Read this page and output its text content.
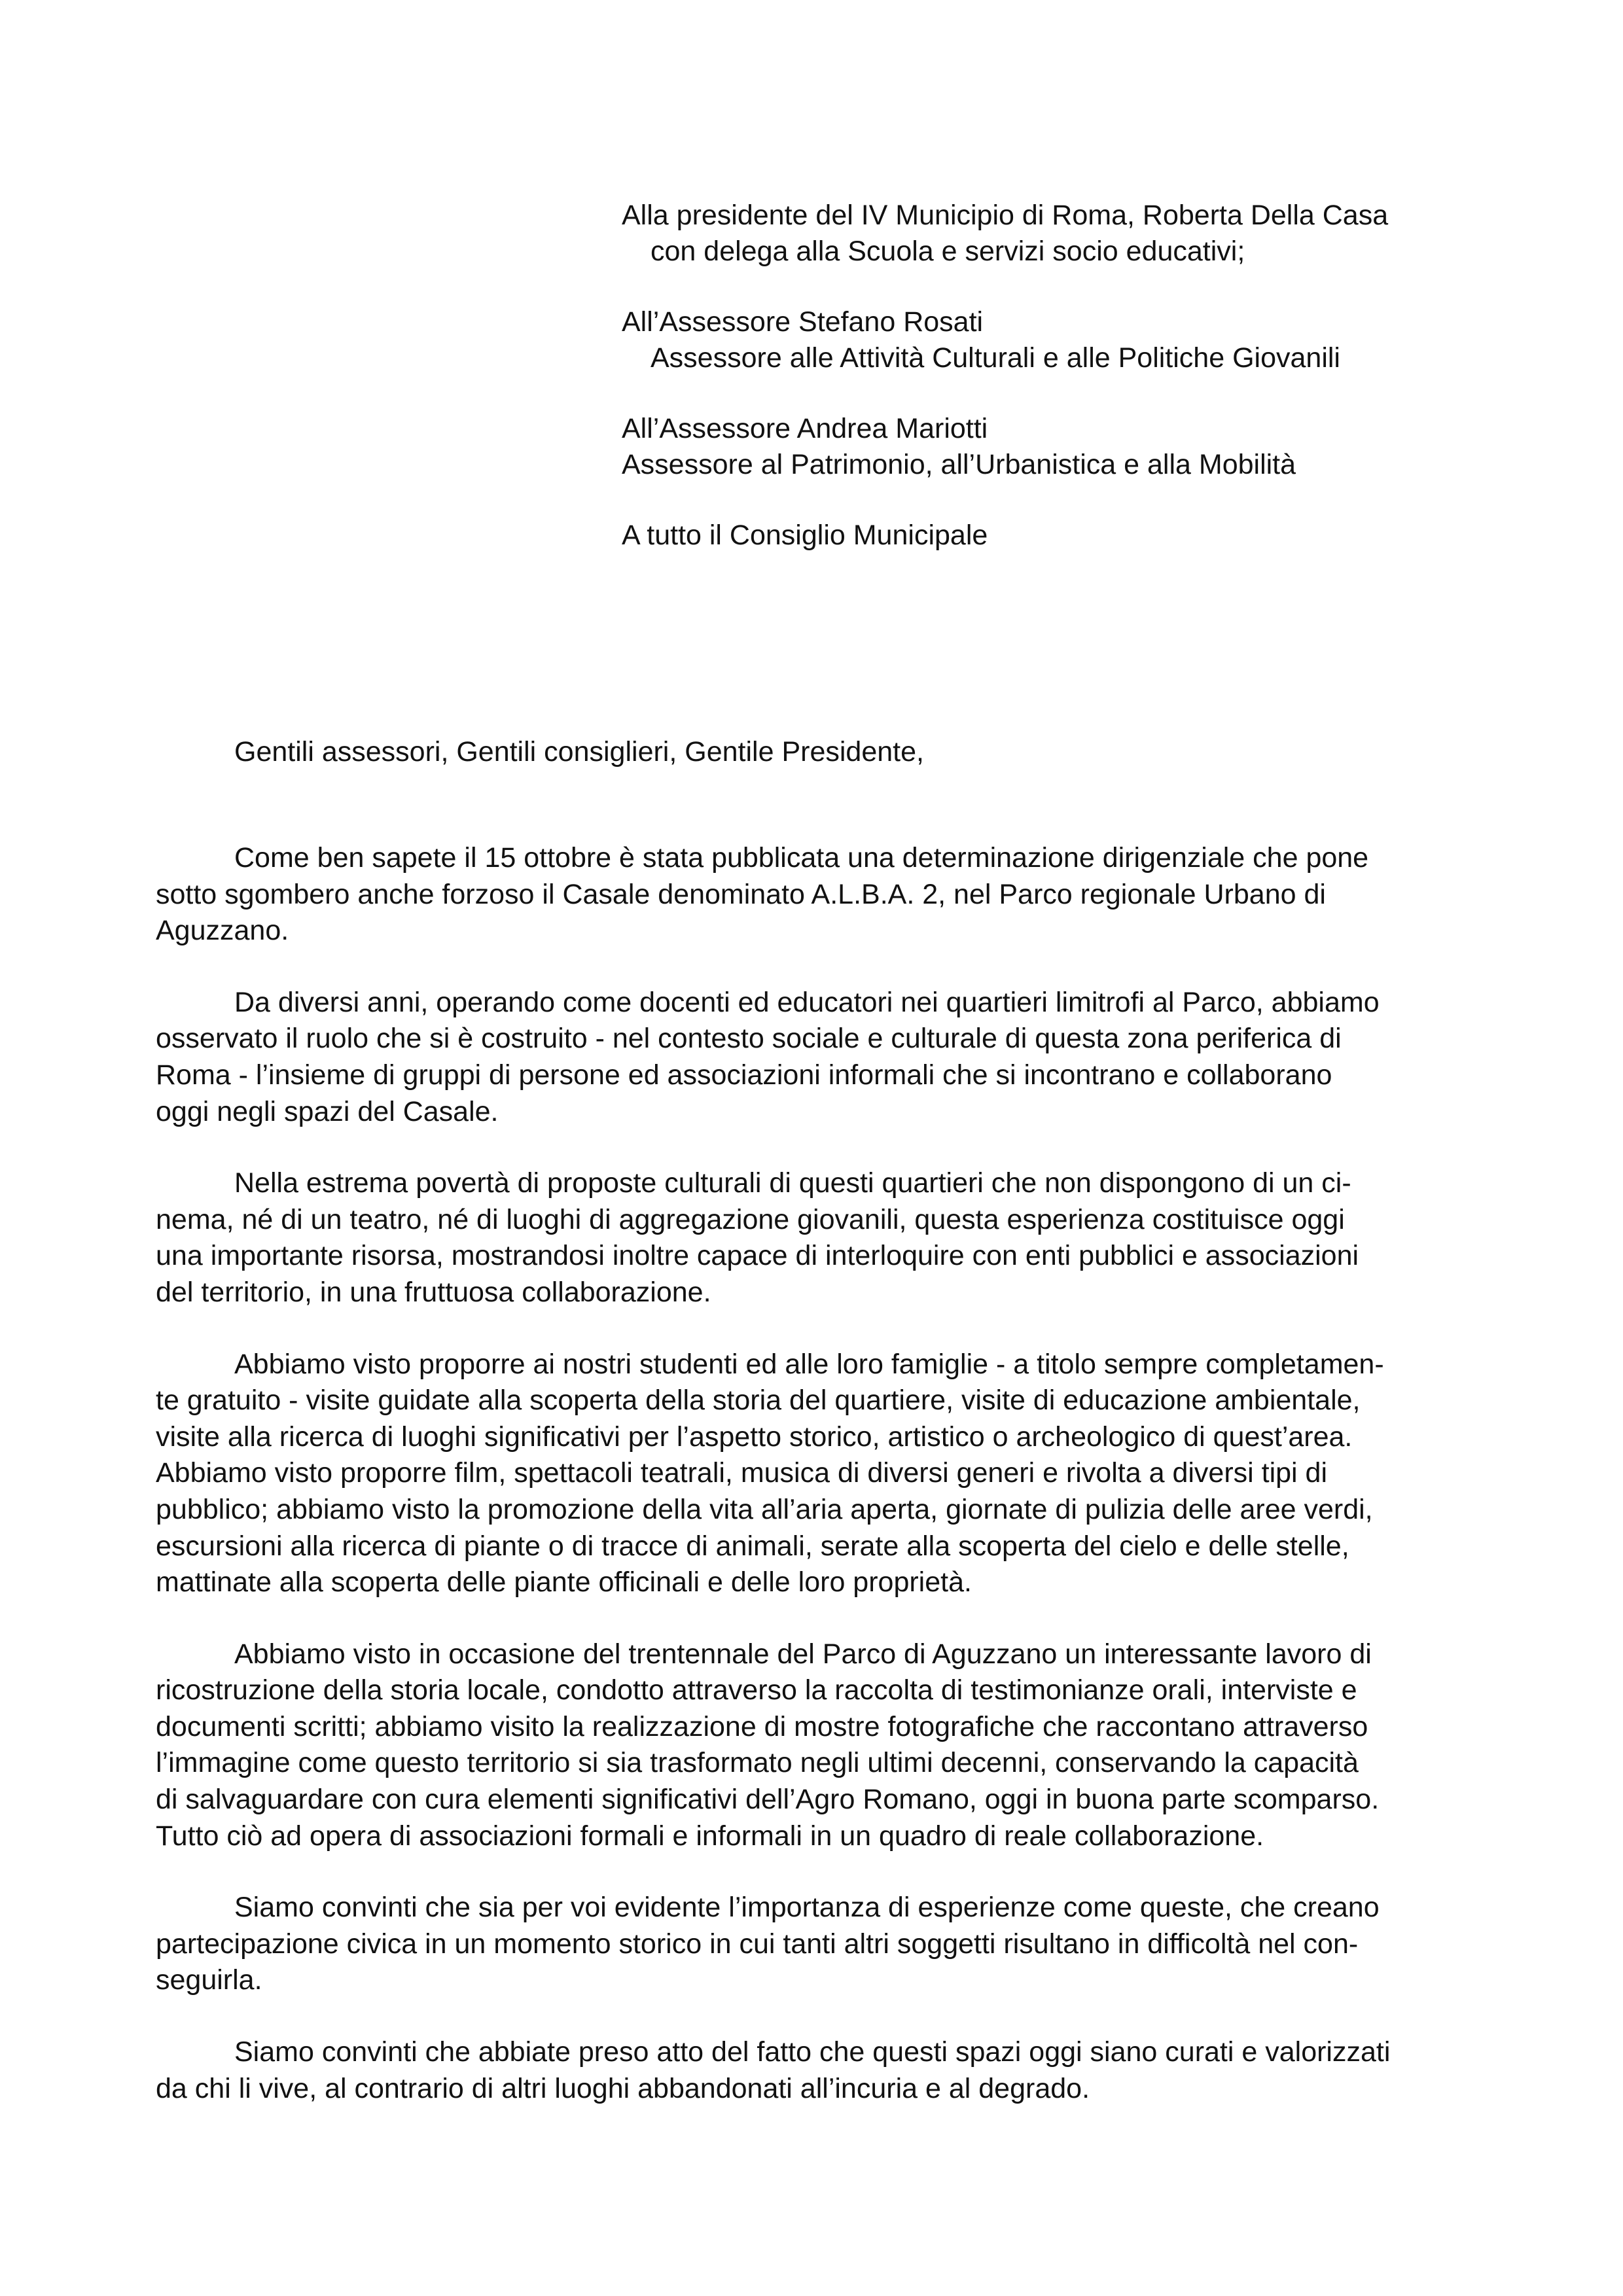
Alla presidente del IV Municipio di Roma, Roberta Della Casa
con delega alla Scuola e servizi socio educativi;
All’Assessore Stefano Rosati
Assessore alle Attività Culturali e alle Politiche Giovanili
All’Assessore Andrea Mariotti
Assessore al Patrimonio, all’Urbanistica e alla Mobilità
A tutto il Consiglio Municipale
Gentili assessori, Gentili consiglieri, Gentile Presidente,
Come ben sapete il 15 ottobre è stata pubblicata una determinazione dirigenziale che pone
sotto sgombero anche forzoso il Casale denominato A.L.B.A. 2, nel Parco regionale Urbano di
Aguzzano.
Da diversi anni, operando come docenti ed educatori nei quartieri limitrofi al Parco, abbiamo
osservato il ruolo che si è costruito - nel contesto sociale e culturale di questa zona periferica di
Roma - l’insieme di gruppi di persone ed associazioni informali che si incontrano e collaborano
oggi negli spazi del Casale.
Nella estrema povertà di proposte culturali di questi quartieri che non dispongono di un ci-
nema, né di un teatro, né di luoghi di aggregazione giovanili, questa esperienza costituisce oggi
una importante risorsa, mostrandosi inoltre capace di interloquire con enti pubblici e associazioni
del territorio, in una fruttuosa collaborazione.
Abbiamo visto proporre ai nostri studenti ed alle loro famiglie - a titolo sempre completamen-
te gratuito - visite guidate alla scoperta della storia del quartiere, visite di educazione ambientale,
visite alla ricerca di luoghi significativi per l’aspetto storico, artistico o archeologico di quest’area.
Abbiamo visto proporre film, spettacoli teatrali, musica di diversi generi e rivolta a diversi tipi di
pubblico; abbiamo visto la promozione della vita all’aria aperta, giornate di pulizia delle aree verdi,
escursioni alla ricerca di piante o di tracce di animali, serate alla scoperta del cielo e delle stelle,
mattinate alla scoperta delle piante officinali e delle loro proprietà.
Abbiamo visto in occasione del trentennale del Parco di Aguzzano un interessante lavoro di
ricostruzione della storia locale, condotto attraverso la raccolta di testimonianze orali, interviste e
documenti scritti; abbiamo visito la realizzazione di mostre fotografiche che raccontano attraverso
l’immagine come questo territorio si sia trasformato negli ultimi decenni, conservando la capacità
di salvaguardare con cura elementi significativi dell’Agro Romano, oggi in buona parte scomparso.
Tutto ciò ad opera di associazioni formali e informali in un quadro di reale collaborazione.
Siamo convinti che sia per voi evidente l’importanza di esperienze come queste, che creano
partecipazione civica in un momento storico in cui tanti altri soggetti risultano in difficoltà nel con-
seguirla.
Siamo convinti che abbiate preso atto del fatto che questi spazi oggi siano curati e valorizzati
da chi li vive, al contrario di altri luoghi abbandonati all’incuria e al degrado.
